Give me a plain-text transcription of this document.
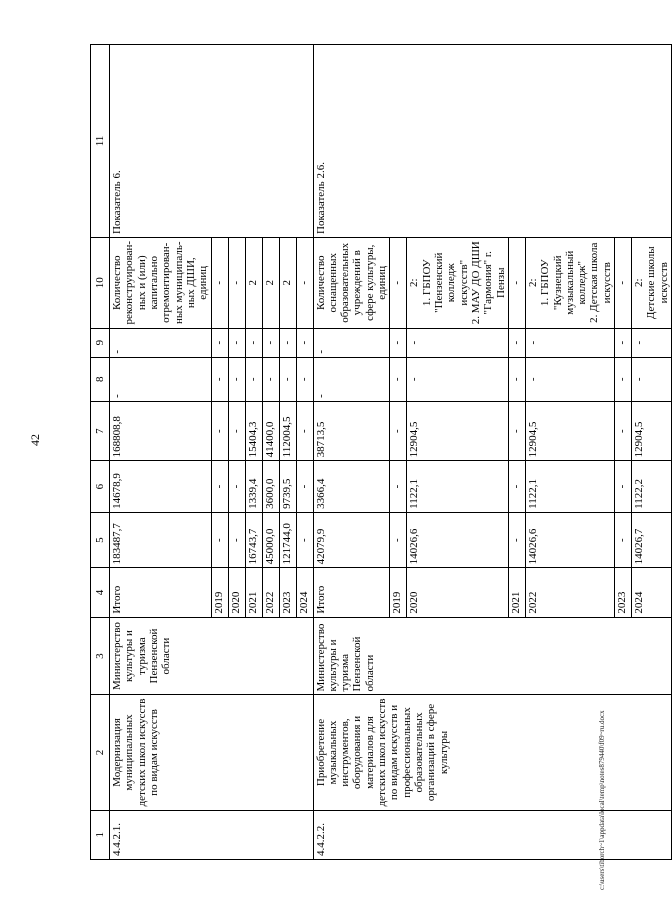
42
c:\users\tiborch~1\appdata\local\temp\notes879440\f09~ru.docx
1	2	3	4	5	6	7	8	9	10	11
4.4.2.1.	Модернизация муниципальных детских школ искусств по видам искусств	Министерство культуры и туризма Пензенской области	Итого	183487,7	14678,9	168808,8	-	-	Количество реконструирован-ных и (или) капитально отремонтирован-ных муниципаль-ных ДШИ, единиц	Показатель 6.
			2019	-	-	-	-	-	-	
			2020	-	-	-	-	-	-	
			2021	16743,7	1339,4	15404,3	-	-	2	
			2022	45000,0	3600,0	41400,0	-	-	2	
			2023	121744,0	9739,5	112004,5	-	-	2	
			2024	-	-	-	-	-	-	
4.4.2.2.	Приобретение музыкальных инструментов, оборудования и материалов для детских школ искусств по видам искусств и профессиональных образовательных организаций в сфере культуры	Министерство культуры и туризма Пензенской области	Итого	42079,9	3366,4	38713,5	-	-	Количество оснащенных образовательных учреждений в сфере культуры, единиц	Показатель 2.6.
			2019	-	-	-	-	-	-	
			2020	14026,6	1122,1	12904,5	-	-	2: 1. ГБПОУ "Пензенский колледж искусств" 2. МАУ ДО ДШИ "Гармония" г. Пензы	

			2021	-	-	-	-	-	-	
			2022	14026,6	1122,1	12904,5	-	-	2: 1. ГБПОУ "Кузнецкий музыкальный колледж" 2. Детская школа искусств	

			2023	-	-	-	-	-	-	
			2024	14026,7	1122,2	12904,5	-	-	2: Детские школы искусств	
